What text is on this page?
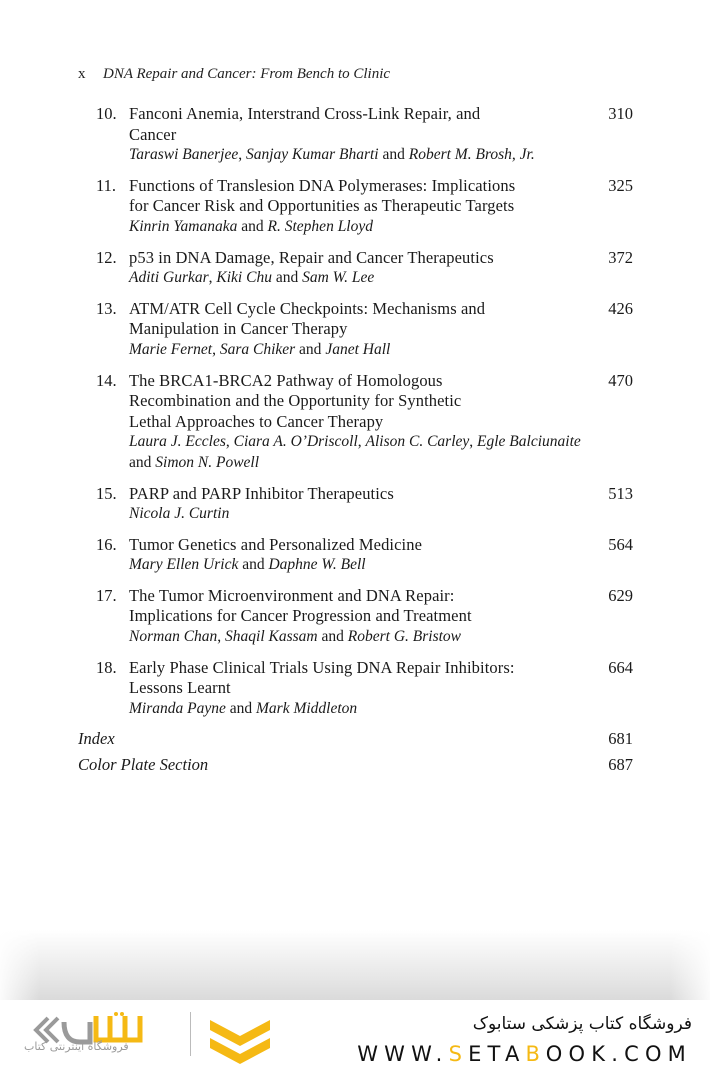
x DNA Repair and Cancer: From Bench to Clinic
10. Fanconi Anemia, Interstrand Cross-Link Repair, and
Cancer
Taraswi Banerjee, Sanjay Kumar Bharti and Robert M. Brosh, Jr.
310
11. Functions of Translesion DNA Polymerases: Implications
for Cancer Risk and Opportunities as Therapeutic Targets
Kinrin Yamanaka and R. Stephen Lloyd
325
12. p53 in DNA Damage, Repair and Cancer Therapeutics
Aditi Gurkar, Kiki Chu and Sam W. Lee
372
13. ATM/ATR Cell Cycle Checkpoints: Mechanisms and
Manipulation in Cancer Therapy
Marie Fernet, Sara Chiker and Janet Hall
426
14. The BRCA1-BRCA2 Pathway of Homologous
Recombination and the Opportunity for Synthetic
Lethal Approaches to Cancer Therapy
Laura J. Eccles, Ciara A. O’Driscoll, Alison C. Carley, Egle Balciunaite and Simon N. Powell
470
15. PARP and PARP Inhibitor Therapeutics
Nicola J. Curtin
513
16. Tumor Genetics and Personalized Medicine
Mary Ellen Urick and Daphne W. Bell
564
17. The Tumor Microenvironment and DNA Repair:
Implications for Cancer Progression and Treatment
Norman Chan, Shaqil Kassam and Robert G. Bristow
629
18. Early Phase Clinical Trials Using DNA Repair Inhibitors:
Lessons Learnt
Miranda Payne and Mark Middleton
664
Index	681
Color Plate Section	687
فروشگاه اینترنتی کتاب
فروشگاه کتاب پزشکی ستابوک
WWW.SETABOOK.COM
